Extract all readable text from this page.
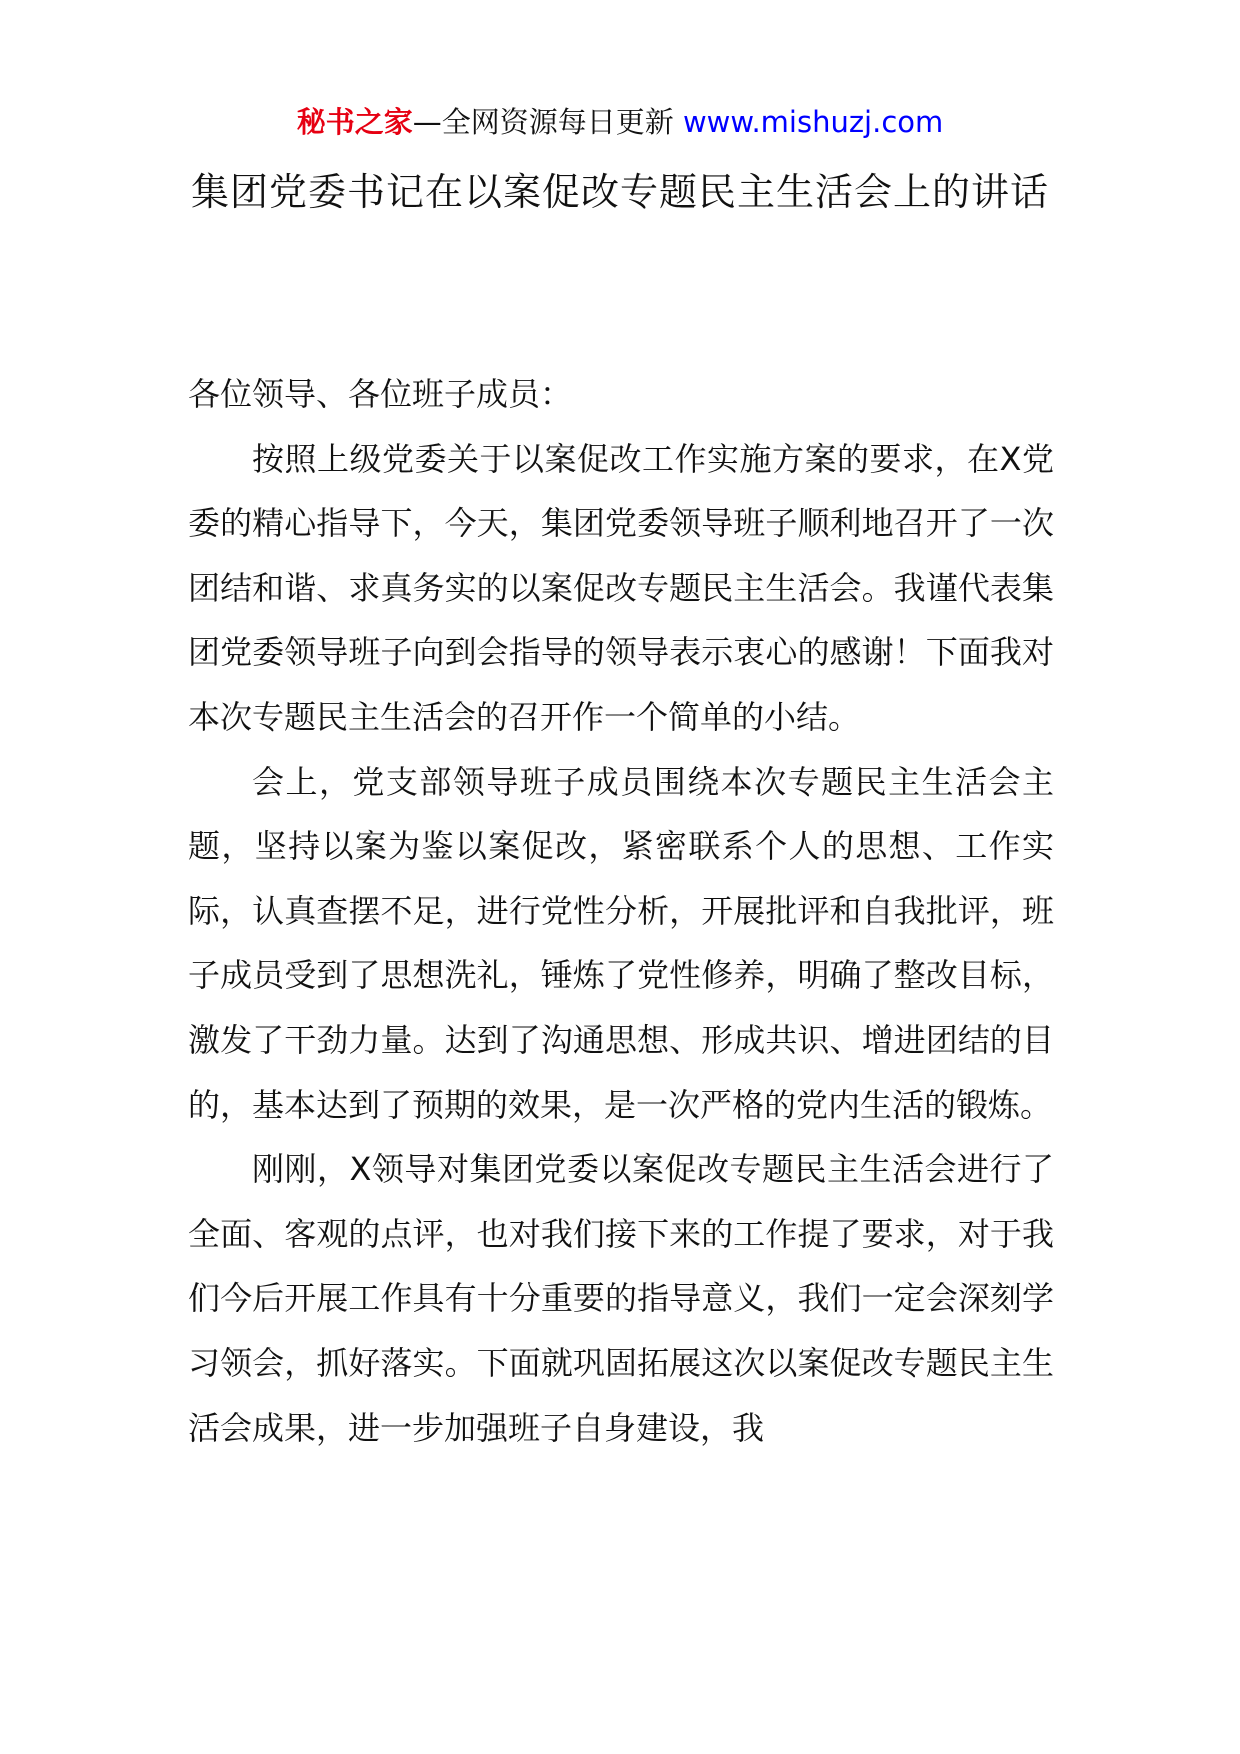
秘书之家—全网资源每日更新 www.mishuzj.com
集团党委书记在以案促改专题民主生活会上的讲话

各位领导、各位班子成员：

按照上级党委关于以案促改工作实施方案的要求，在X党委的精心指导下，今天，集团党委领导班子顺利地召开了一次团结和谐、求真务实的以案促改专题民主生活会。我谨代表集团党委领导班子向到会指导的领导表示衷心的感谢！下面我对本次专题民主生活会的召开作一个简单的小结。

会上，党支部领导班子成员围绕本次专题民主生活会主题，坚持以案为鉴以案促改，紧密联系个人的思想、工作实际，认真查摆不足，进行党性分析，开展批评和自我批评，班子成员受到了思想洗礼，锤炼了党性修养，明确了整改目标，激发了干劲力量。达到了沟通思想、形成共识、增进团结的目的，基本达到了预期的效果，是一次严格的党内生活的锻炼。

刚刚，X领导对集团党委以案促改专题民主生活会进行了全面、客观的点评，也对我们接下来的工作提了要求，对于我们今后开展工作具有十分重要的指导意义，我们一定会深刻学习领会，抓好落实。下面就巩固拓展这次以案促改专题民主生活会成果，进一步加强班子自身建设，我
